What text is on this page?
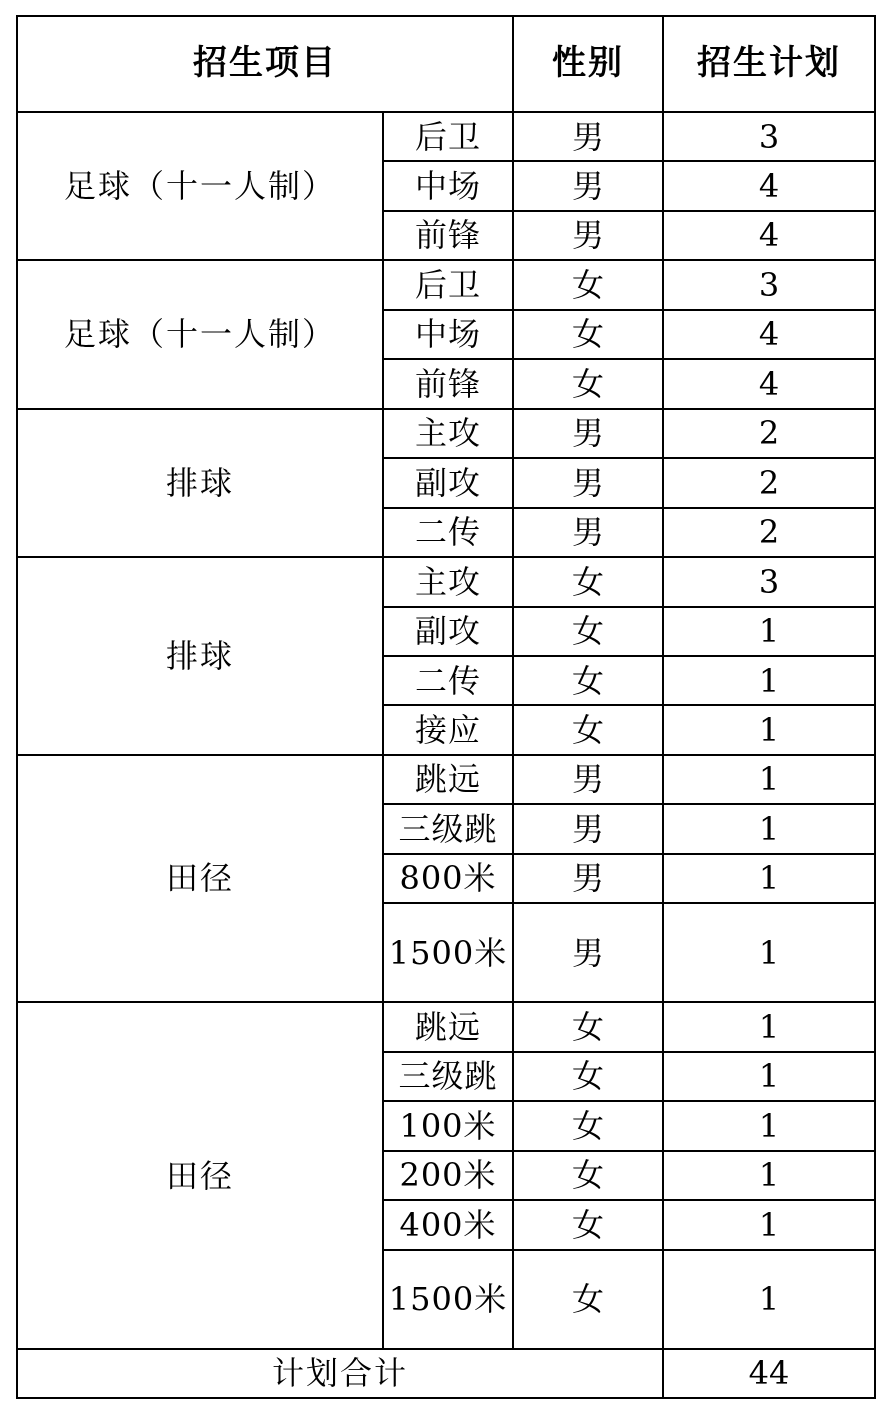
招生项目		性别	招生计划
足球（十一人制）	后卫	男	3
	中场	男	4
	前锋	男	4
足球（十一人制）	后卫	女	3
	中场	女	4
	前锋	女	4
排球	主攻	男	2
	副攻	男	2
	二传	男	2
排球	主攻	女	3
	副攻	女	1
	二传	女	1
	接应	女	1
田径	跳远	男	1
	三级跳	男	1
	800米	男	1
	1500米	男	1
田径	跳远	女	1
	三级跳	女	1
	100米	女	1
	200米	女	1
	400米	女	1
	1500米	女	1
计划合计			44
